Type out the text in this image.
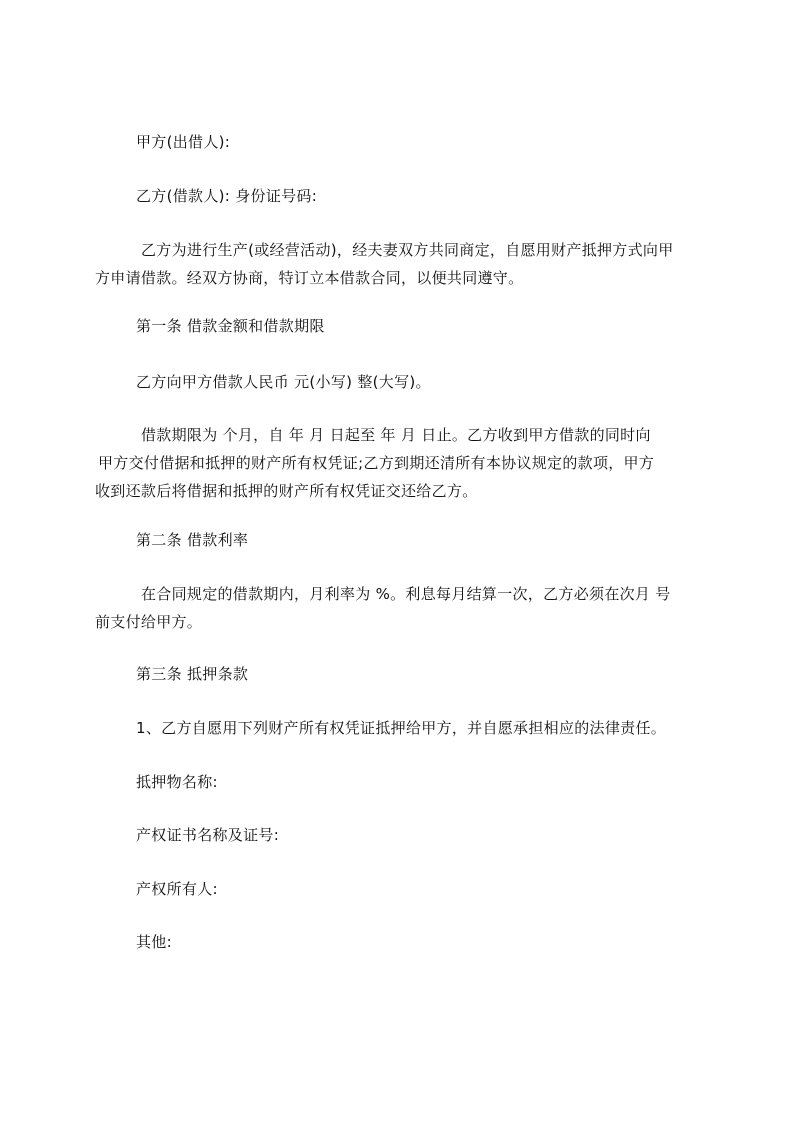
甲方(出借人):
乙方(借款人): 身份证号码:
乙方为进行生产(或经营活动)，经夫妻双方共同商定，自愿用财产抵押方式向甲
方申请借款。经双方协商，特订立本借款合同，以便共同遵守。
第一条 借款金额和借款期限
乙方向甲方借款人民币 元(小写) 整(大写)。
借款期限为 个月，自 年 月 日起至 年 月 日止。乙方收到甲方借款的同时向
甲方交付借据和抵押的财产所有权凭证;乙方到期还清所有本协议规定的款项，甲方
收到还款后将借据和抵押的财产所有权凭证交还给乙方。
第二条 借款利率
在合同规定的借款期内，月利率为 %。利息每月结算一次，乙方必须在次月 号
前支付给甲方。
第三条 抵押条款
1、乙方自愿用下列财产所有权凭证抵押给甲方，并自愿承担相应的法律责任。
抵押物名称:
产权证书名称及证号:
产权所有人:
其他:
